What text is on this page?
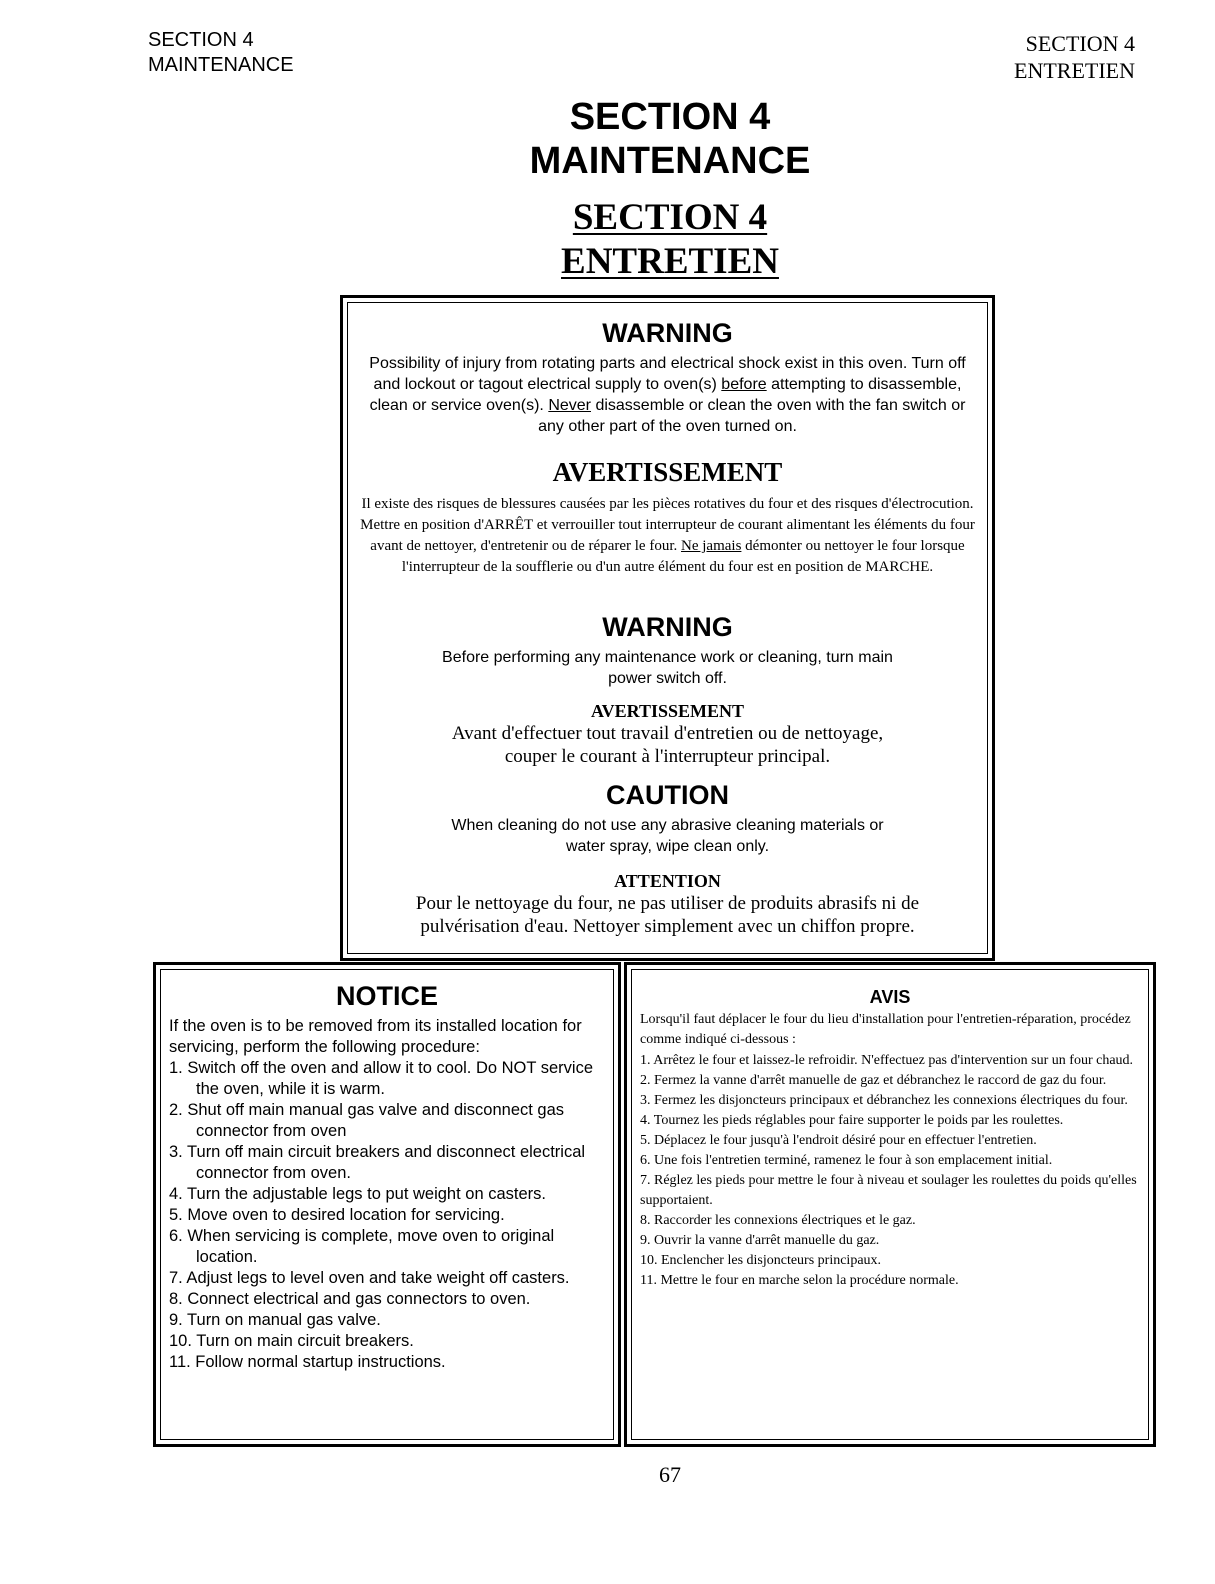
SECTION 4
MAINTENANCE
SECTION 4
ENTRETIEN
SECTION 4
MAINTENANCE
SECTION 4
ENTRETIEN
WARNING
Possibility of injury from rotating parts and electrical shock exist in this oven. Turn off and lockout or tagout electrical supply to oven(s) before attempting to disassemble, clean or service oven(s). Never disassemble or clean the oven with the fan switch or any other part of the oven turned on.
AVERTISSEMENT
Il existe des risques de blessures causées par les pièces rotatives du four et des risques d'électrocution. Mettre en position d'ARRÊT et verrouiller tout interrupteur de courant alimentant les éléments du four avant de nettoyer, d'entretenir ou de réparer le four. Ne jamais démonter ou nettoyer le four lorsque l'interrupteur de la soufflerie ou d'un autre élément du four est en position de MARCHE.
WARNING
Before performing any maintenance work or cleaning, turn main power switch off.
AVERTISSEMENT
Avant d'effectuer tout travail d'entretien ou de nettoyage, couper le courant à l'interrupteur principal.
CAUTION
When cleaning do not use any abrasive cleaning materials or water spray, wipe clean only.
ATTENTION
Pour le nettoyage du four, ne pas utiliser de produits abrasifs ni de pulvérisation d'eau. Nettoyer simplement avec un chiffon propre.
NOTICE
If the oven is to be removed from its installed location for servicing, perform the following procedure:
1. Switch off the oven and allow it to cool. Do NOT service the oven, while it is warm.
2. Shut off main manual gas valve and disconnect gas connector from oven
3. Turn off main circuit breakers and disconnect electrical connector from oven.
4. Turn the adjustable legs to put weight on casters.
5. Move oven to desired location for servicing.
6. When servicing is complete, move oven to original location.
7. Adjust legs to level oven and take weight off casters.
8. Connect electrical and gas connectors to oven.
9. Turn on manual gas valve.
10. Turn on main circuit breakers.
11. Follow normal startup instructions.
AVIS
Lorsqu'il faut déplacer le four du lieu d'installation pour l'entretien-réparation, procédez comme indiqué ci-dessous :
1. Arrêtez le four et laissez-le refroidir. N'effectuez pas d'intervention sur un four chaud.
2. Fermez la vanne d'arrêt manuelle de gaz et débranchez le raccord de gaz du four.
3. Fermez les disjoncteurs principaux et débranchez les connexions électriques du four.
4. Tournez les pieds réglables pour faire supporter le poids par les roulettes.
5. Déplacez le four jusqu'à l'endroit désiré pour en effectuer l'entretien.
6. Une fois l'entretien terminé, ramenez le four à son emplacement initial.
7. Réglez les pieds pour mettre le four à niveau et soulager les roulettes du poids qu'elles supportaient.
8. Raccorder les connexions électriques et le gaz.
9. Ouvrir la vanne d'arrêt manuelle du gaz.
10. Enclencher les disjoncteurs principaux.
11. Mettre le four en marche selon la procédure normale.
67
